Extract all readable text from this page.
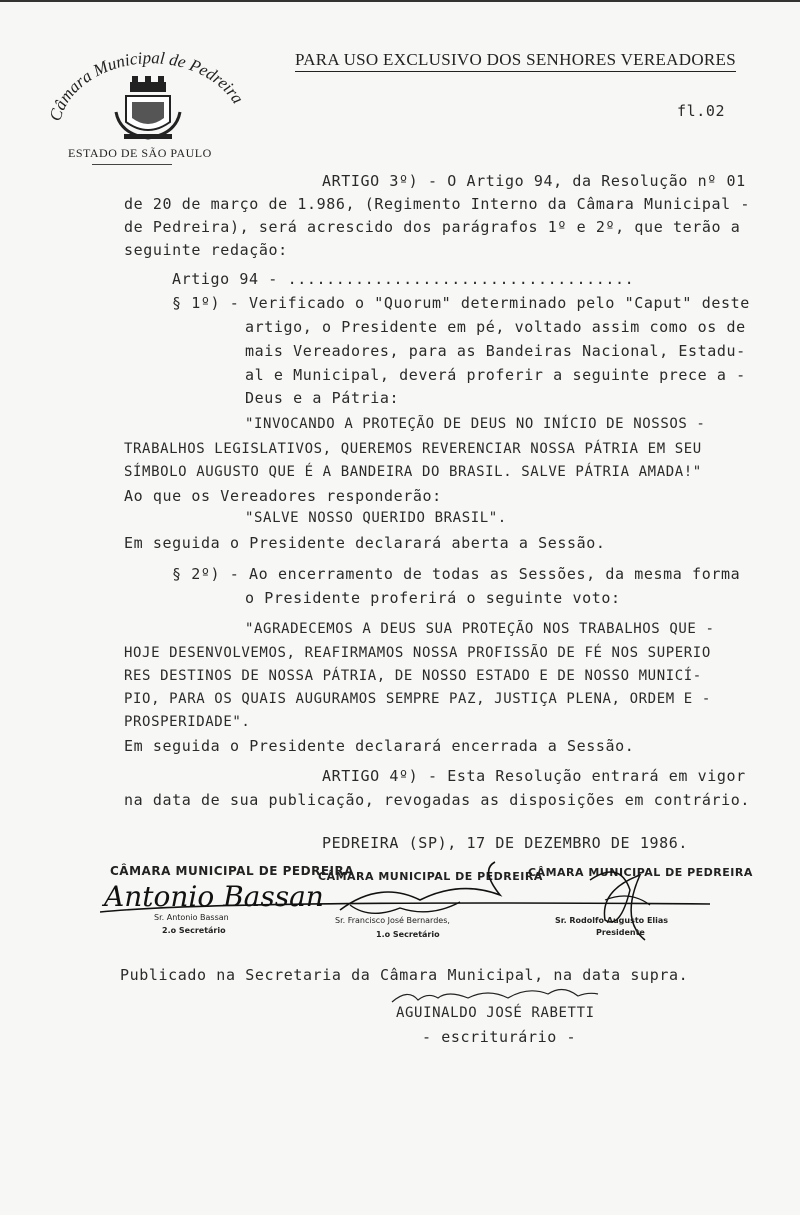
Câmara Municipal de Pedreira
ESTADO DE SÃO PAULO
PARA USO EXCLUSIVO DOS SENHORES VEREADORES
fl.02
ARTIGO 3º) - O Artigo 94, da Resolução nº 01
de 20 de março de 1.986, (Regimento Interno da Câmara Municipal -
de Pedreira), será acrescido dos parágrafos 1º e 2º, que terão a
seguinte redação:
Artigo 94 - ....................................
§ 1º) - Verificado o "Quorum" determinado pelo "Caput" deste
artigo, o Presidente em pé, voltado assim como os de
mais Vereadores, para as Bandeiras Nacional, Estadu-
al e Municipal, deverá proferir a seguinte prece a -
Deus e a Pátria:
"INVOCANDO A PROTEÇÃO DE DEUS NO INÍCIO DE NOSSOS -
TRABALHOS LEGISLATIVOS, QUEREMOS REVERENCIAR NOSSA PÁTRIA EM SEU
SÍMBOLO AUGUSTO QUE É A BANDEIRA DO BRASIL. SALVE PÁTRIA AMADA!"
Ao que os Vereadores responderão:
"SALVE NOSSO QUERIDO BRASIL".
Em seguida o Presidente declarará aberta a Sessão.
§ 2º) - Ao encerramento de todas as Sessões, da mesma forma
o Presidente proferirá o seguinte voto:
"AGRADECEMOS A DEUS SUA PROTEÇÃO NOS TRABALHOS QUE -
HOJE DESENVOLVEMOS, REAFIRMAMOS NOSSA PROFISSÃO DE FÉ NOS SUPERIO
RES DESTINOS DE NOSSA PÁTRIA, DE NOSSO ESTADO E DE NOSSO MUNICÍ-
PIO, PARA OS QUAIS AUGURAMOS SEMPRE PAZ, JUSTIÇA PLENA, ORDEM E -
PROSPERIDADE".
Em seguida o Presidente declarará encerrada a Sessão.
ARTIGO 4º) - Esta Resolução entrará em vigor
na data de sua publicação, revogadas as disposições em contrário.
PEDREIRA (SP), 17 DE DEZEMBRO DE 1986.
CÂMARA MUNICIPAL DE PEDREIRA
CÂMARA MUNICIPAL DE PEDREIRA
CÂMARA MUNICIPAL DE PEDREIRA
Antonio Bassan
Sr. Antonio Bassan
2.o Secretário
Sr. Francisco José Bernardes,
1.o Secretário
Sr. Rodolfo Augusto Elias
Presidente
Publicado na Secretaria da Câmara Municipal, na data supra.
AGUINALDO JOSÉ RABETTI
- escriturário -
